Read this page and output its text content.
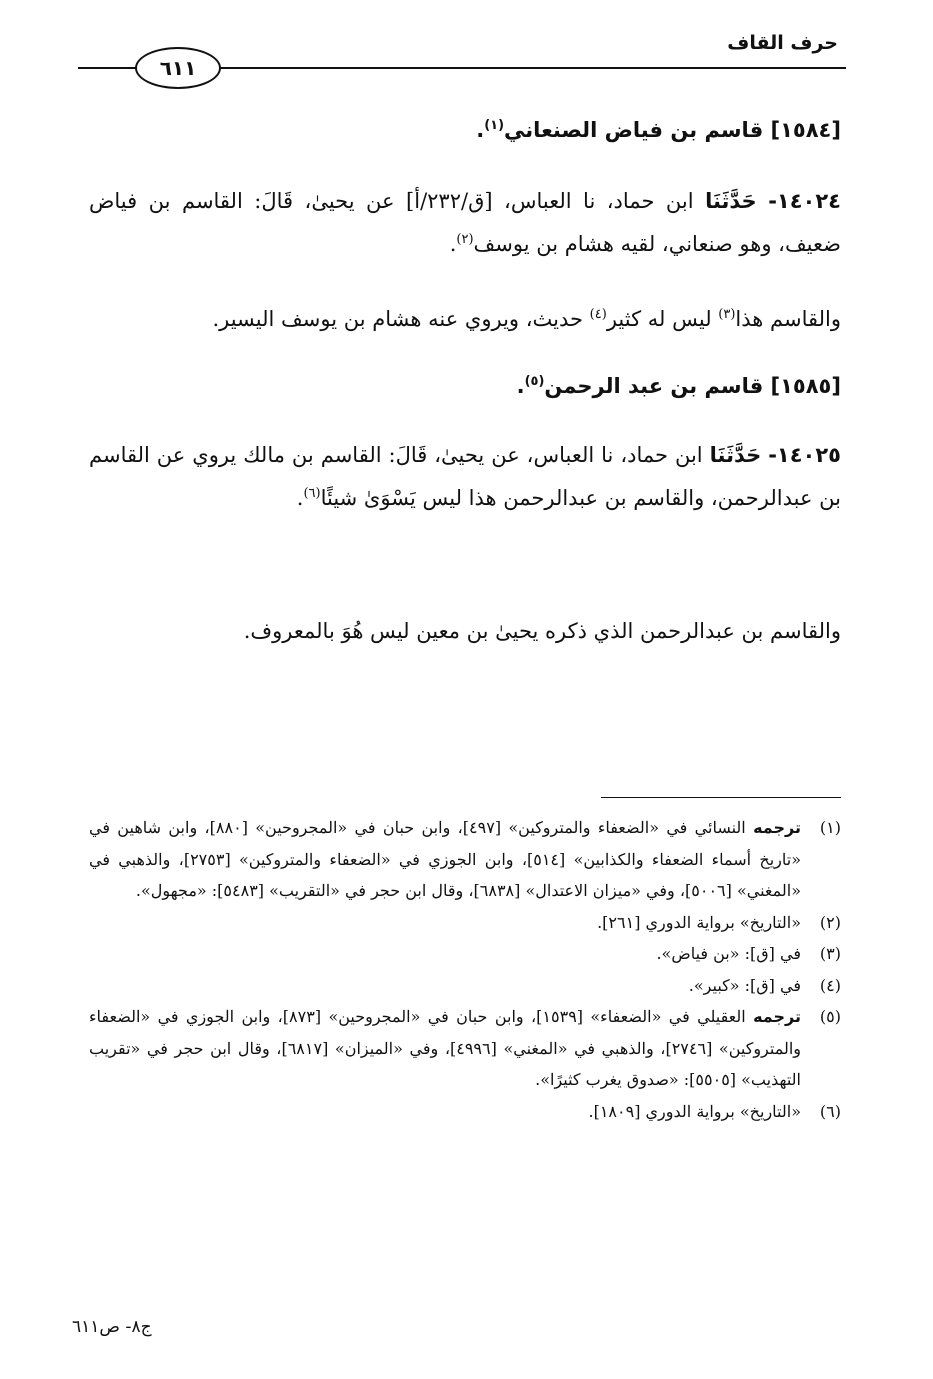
حرف القاف
٦١١
[١٥٨٤] قاسم بن فياض الصنعاني$^{(١)}$.
١٤٠٢٤- حَدَّثَنَا ابن حماد، نا العباس، [ق/٢٣٢/أ] عن يحيىٰ، قَالَ: القاسم بن فياض ضعيف، وهو صنعاني، لقيه هشام بن يوسف$^{(٢)}$.
والقاسم هذا$^{(٣)}$ ليس له كثير$^{(٤)}$ حديث، ويروي عنه هشام بن يوسف اليسير.
[١٥٨٥] قاسم بن عبد الرحمن$^{(٥)}$.
١٤٠٢٥- حَدَّثَنَا ابن حماد، نا العباس، عن يحيىٰ، قَالَ: القاسم بن مالك يروي عن القاسم بن عبدالرحمن، والقاسم بن عبدالرحمن هذا ليس يَسْوَىٰ شيئًا$^{(٦)}$.
والقاسم بن عبدالرحمن الذي ذكره يحيىٰ بن معين ليس هُوَ بالمعروف.
(١)
ترجمه النسائي في «الضعفاء والمتروكين» [٤٩٧]، وابن حبان في «المجروحين» [٨٨٠]، وابن شاهين في «تاريخ أسماء الضعفاء والكذابين» [٥١٤]، وابن الجوزي في «الضعفاء والمتروكين» [٢٧٥٣]، والذهبي في «المغني» [٥٠٠٦]، وفي «ميزان الاعتدال» [٦٨٣٨]، وقال ابن حجر في «التقريب» [٥٤٨٣]: «مجهول».
(٢)
«التاريخ» برواية الدوري [٢٦١].
(٣)
في [ق]: «بن فياض».
(٤)
في [ق]: «كبير».
(٥)
ترجمه العقيلي في «الضعفاء» [١٥٣٩]، وابن حبان في «المجروحين» [٨٧٣]، وابن الجوزي في «الضعفاء والمتروكين» [٢٧٤٦]، والذهبي في «المغني» [٤٩٩٦]، وفي «الميزان» [٦٨١٧]، وقال ابن حجر في «تقريب التهذيب» [٥٥٠٥]: «صدوق يغرب كثيرًا».
(٦)
«التاريخ» برواية الدوري [١٨٠٩].
ج٨- ص٦١١
